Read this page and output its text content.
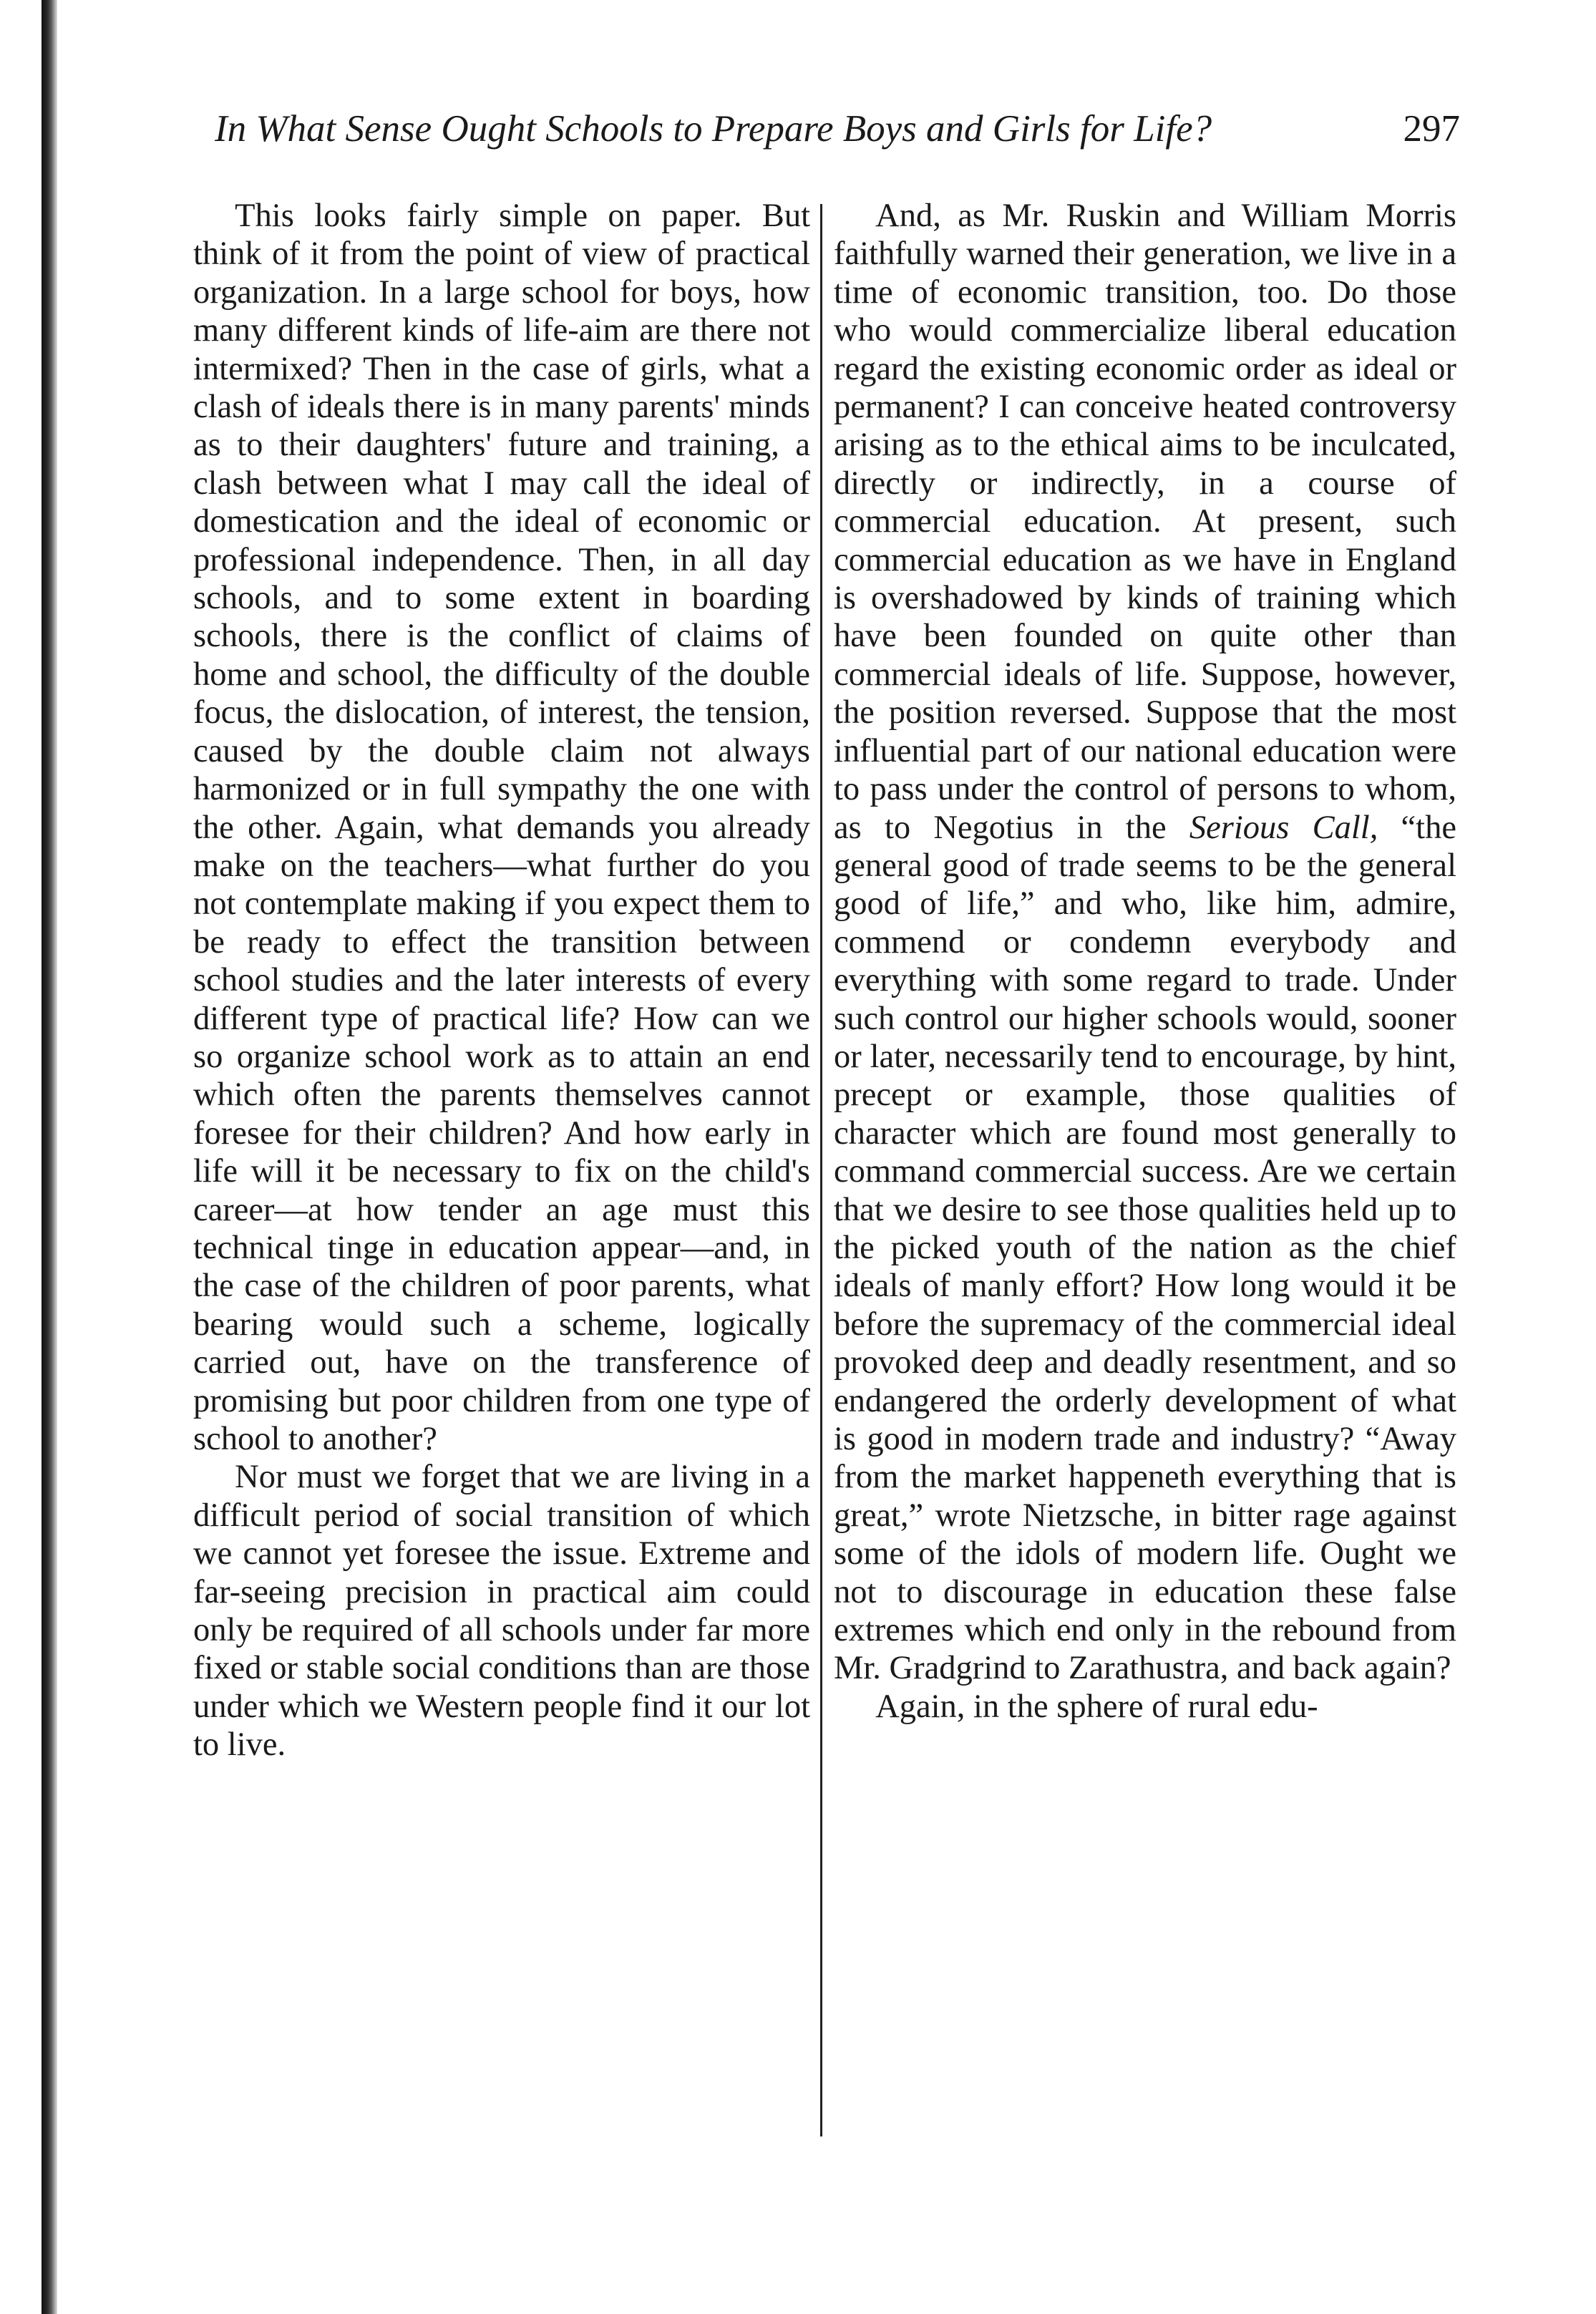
In What Sense Ought Schools to Prepare Boys and Girls for Life?	297

This looks fairly simple on paper. But think of it from the point of view of practical organization. In a large school for boys, how many different kinds of life-aim are there not intermixed? Then in the case of girls, what a clash of ideals there is in many parents' minds as to their daughters' future and training, a clash between what I may call the ideal of domestication and the ideal of economic or professional independence. Then, in all day schools, and to some extent in boarding schools, there is the conflict of claims of home and school, the difficulty of the double focus, the dislocation, of interest, the tension, caused by the double claim not always harmonized or in full sympathy the one with the other. Again, what demands you already make on the teachers—what further do you not contemplate making if you expect them to be ready to effect the transition between school studies and the later interests of every different type of practical life? How can we so organize school work as to attain an end which often the parents themselves cannot foresee for their children? And how early in life will it be necessary to fix on the child's career—at how tender an age must this technical tinge in education appear—and, in the case of the children of poor parents, what bearing would such a scheme, logically carried out, have on the transference of promising but poor children from one type of school to another?

Nor must we forget that we are living in a difficult period of social transition of which we cannot yet foresee the issue. Extreme and far-seeing precision in practical aim could only be required of all schools under far more fixed or stable social conditions than are those under which we Western people find it our lot to live.

And, as Mr. Ruskin and William Morris faithfully warned their generation, we live in a time of economic transition, too. Do those who would commercialize liberal education regard the existing economic order as ideal or permanent? I can conceive heated controversy arising as to the ethical aims to be inculcated, directly or indirectly, in a course of commercial education. At present, such commercial education as we have in England is overshadowed by kinds of training which have been founded on quite other than commercial ideals of life. Suppose, however, the position reversed. Suppose that the most influential part of our national education were to pass under the control of persons to whom, as to Negotius in the Serious Call, “the general good of trade seems to be the general good of life,” and who, like him, admire, commend or condemn everybody and everything with some regard to trade. Under such control our higher schools would, sooner or later, necessarily tend to encourage, by hint, precept or example, those qualities of character which are found most generally to command commercial success. Are we certain that we desire to see those qualities held up to the picked youth of the nation as the chief ideals of manly effort? How long would it be before the supremacy of the commercial ideal provoked deep and deadly resentment, and so endangered the orderly development of what is good in modern trade and industry? “Away from the market happeneth everything that is great,” wrote Nietzsche, in bitter rage against some of the idols of modern life. Ought we not to discourage in education these false extremes which end only in the rebound from Mr. Gradgrind to Zarathustra, and back again?

Again, in the sphere of rural edu-
